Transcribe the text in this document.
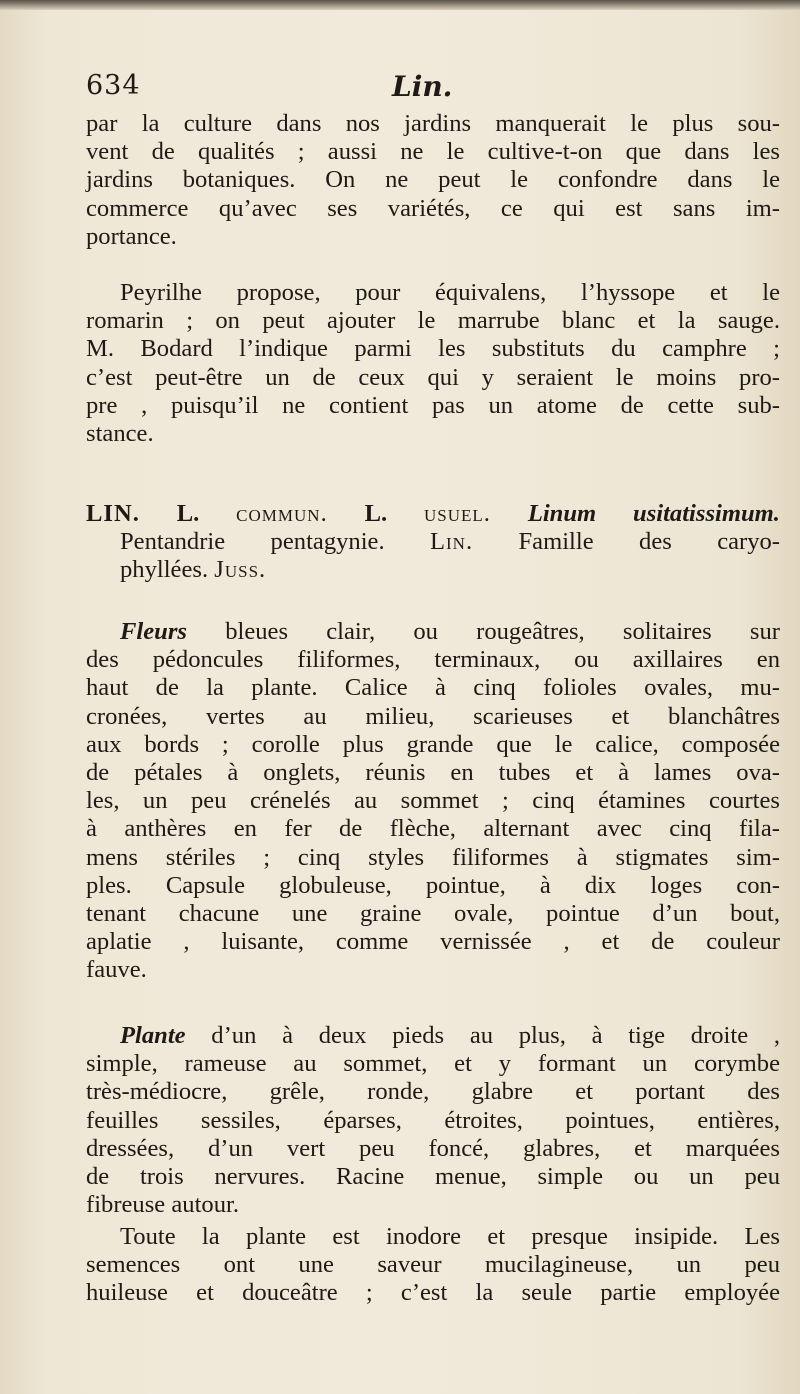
634	Lin.
par la culture dans nos jardins manquerait le plus sou-
vent de qualités ; aussi ne le cultive-t-on que dans les
jardins botaniques. On ne peut le confondre dans le
commerce qu’avec ses variétés, ce qui est sans im-
portance.
Peyrilhe propose, pour équivalens, l’hyssope et le
romarin ; on peut ajouter le marrube blanc et la sauge.
M. Bodard l’indique parmi les substituts du camphre ;
c’est peut-être un de ceux qui y seraient le moins pro-
pre , puisqu’il ne contient pas un atome de cette sub-
stance.
LIN. L. commun. L. usuel. Linum usitatissimum.
Pentandrie pentagynie. Lin. Famille des caryo-
phyllées. Juss.
Fleurs bleues clair, ou rougeâtres, solitaires sur
des pédoncules filiformes, terminaux, ou axillaires en
haut de la plante. Calice à cinq folioles ovales, mu-
cronées, vertes au milieu, scarieuses et blanchâtres
aux bords ; corolle plus grande que le calice, composée
de pétales à onglets, réunis en tubes et à lames ova-
les, un peu crénelés au sommet ; cinq étamines courtes
à anthères en fer de flèche, alternant avec cinq fila-
mens stériles ; cinq styles filiformes à stigmates sim-
ples. Capsule globuleuse, pointue, à dix loges con-
tenant chacune une graine ovale, pointue d’un bout,
aplatie , luisante, comme vernissée , et de couleur
fauve.
Plante d’un à deux pieds au plus, à tige droite ,
simple, rameuse au sommet, et y formant un corymbe
très-médiocre, grêle, ronde, glabre et portant des
feuilles sessiles, éparses, étroites, pointues, entières,
dressées, d’un vert peu foncé, glabres, et marquées
de trois nervures. Racine menue, simple ou un peu
fibreuse autour.
Toute la plante est inodore et presque insipide. Les
semences ont une saveur mucilagineuse, un peu
huileuse et douceâtre ; c’est la seule partie employée
